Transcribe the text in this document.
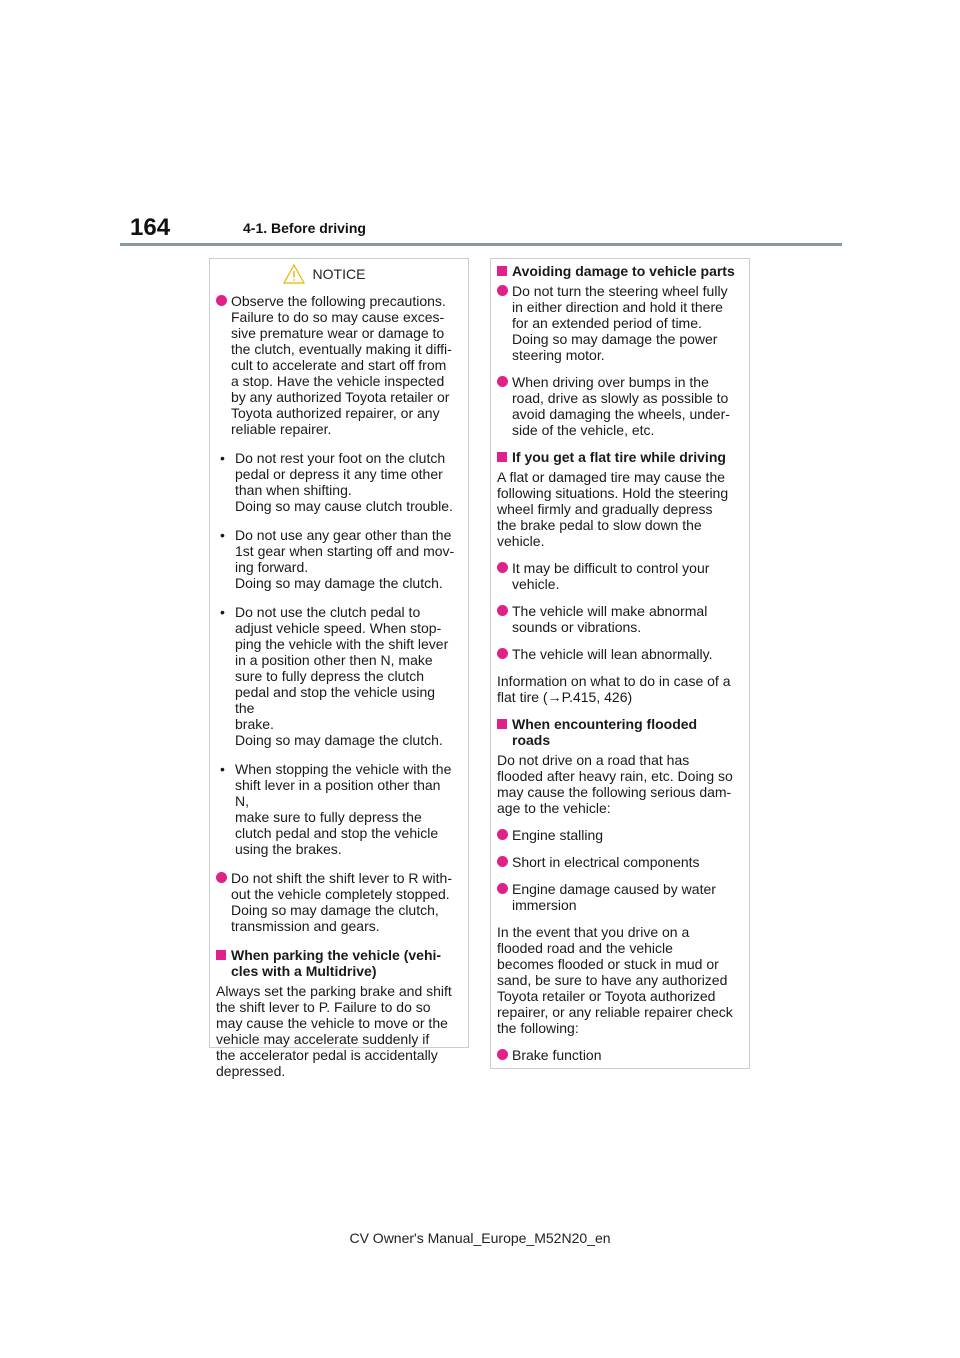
164	4-1. Before driving
NOTICE
Observe the following precautions.
Failure to do so may cause exces-
sive premature wear or damage to
the clutch, eventually making it diffi-
cult to accelerate and start off from
a stop. Have the vehicle inspected
by any authorized Toyota retailer or
Toyota authorized repairer, or any
reliable repairer.
• Do not rest your foot on the clutch
pedal or depress it any time other
than when shifting.
Doing so may cause clutch trouble.
• Do not use any gear other than the
1st gear when starting off and mov-
ing forward.
Doing so may damage the clutch.
• Do not use the clutch pedal to
adjust vehicle speed. When stop-
ping the vehicle with the shift lever
in a position other then N, make
sure to fully depress the clutch
pedal and stop the vehicle using the
brake.
Doing so may damage the clutch.
• When stopping the vehicle with the
shift lever in a position other than N,
make sure to fully depress the
clutch pedal and stop the vehicle
using the brakes.
Do not shift the shift lever to R with-
out the vehicle completely stopped.
Doing so may damage the clutch,
transmission and gears.
When parking the vehicle (vehi-
cles with a Multidrive)
Always set the parking brake and shift
the shift lever to P. Failure to do so
may cause the vehicle to move or the
vehicle may accelerate suddenly if
the accelerator pedal is accidentally
depressed.
Avoiding damage to vehicle parts
Do not turn the steering wheel fully
in either direction and hold it there
for an extended period of time.
Doing so may damage the power
steering motor.
When driving over bumps in the
road, drive as slowly as possible to
avoid damaging the wheels, under-
side of the vehicle, etc.
If you get a flat tire while driving
A flat or damaged tire may cause the
following situations. Hold the steering
wheel firmly and gradually depress
the brake pedal to slow down the
vehicle.
It may be difficult to control your
vehicle.
The vehicle will make abnormal
sounds or vibrations.
The vehicle will lean abnormally.
Information on what to do in case of a
flat tire (→P.415, 426)
When encountering flooded
roads
Do not drive on a road that has
flooded after heavy rain, etc. Doing so
may cause the following serious dam-
age to the vehicle:
Engine stalling
Short in electrical components
Engine damage caused by water
immersion
In the event that you drive on a
flooded road and the vehicle
becomes flooded or stuck in mud or
sand, be sure to have any authorized
Toyota retailer or Toyota authorized
repairer, or any reliable repairer check
the following:
Brake function
CV Owner's Manual_Europe_M52N20_en
